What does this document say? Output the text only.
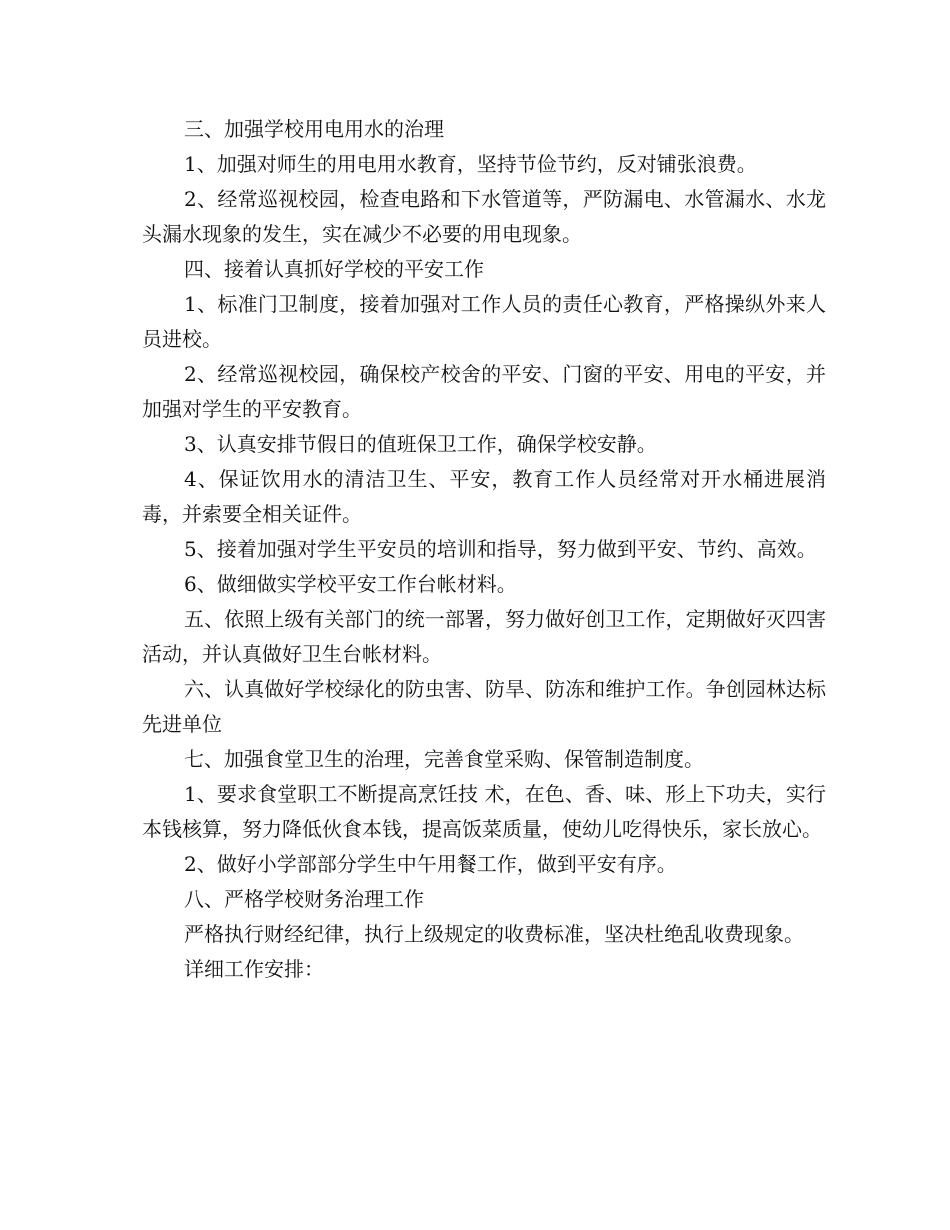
三、加强学校用电用水的治理

1、加强对师生的用电用水教育，坚持节俭节约，反对铺张浪费。

2、经常巡视校园，检查电路和下水管道等，严防漏电、水管漏水、水龙头漏水现象的发生，实在减少不必要的用电现象。

四、接着认真抓好学校的平安工作

1、标准门卫制度，接着加强对工作人员的责任心教育，严格操纵外来人员进校。

2、经常巡视校园，确保校产校舍的平安、门窗的平安、用电的平安，并加强对学生的平安教育。

3、认真安排节假日的值班保卫工作，确保学校安静。

4、保证饮用水的清洁卫生、平安，教育工作人员经常对开水桶进展消毒，并索要全相关证件。

5、接着加强对学生平安员的培训和指导，努力做到平安、节约、高效。

6、做细做实学校平安工作台帐材料。

五、依照上级有关部门的统一部署，努力做好创卫工作，定期做好灭四害活动，并认真做好卫生台帐材料。

六、认真做好学校绿化的防虫害、防旱、防冻和维护工作。争创园林达标先进单位

七、加强食堂卫生的治理，完善食堂采购、保管制造制度。

1、要求食堂职工不断提高烹饪技 术，在色、香、味、形上下功夫，实行本钱核算，努力降低伙食本钱，提高饭菜质量，使幼儿吃得快乐，家长放心。

2、做好小学部部分学生中午用餐工作，做到平安有序。

八、严格学校财务治理工作

严格执行财经纪律，执行上级规定的收费标准，坚决杜绝乱收费现象。

详细工作安排：
